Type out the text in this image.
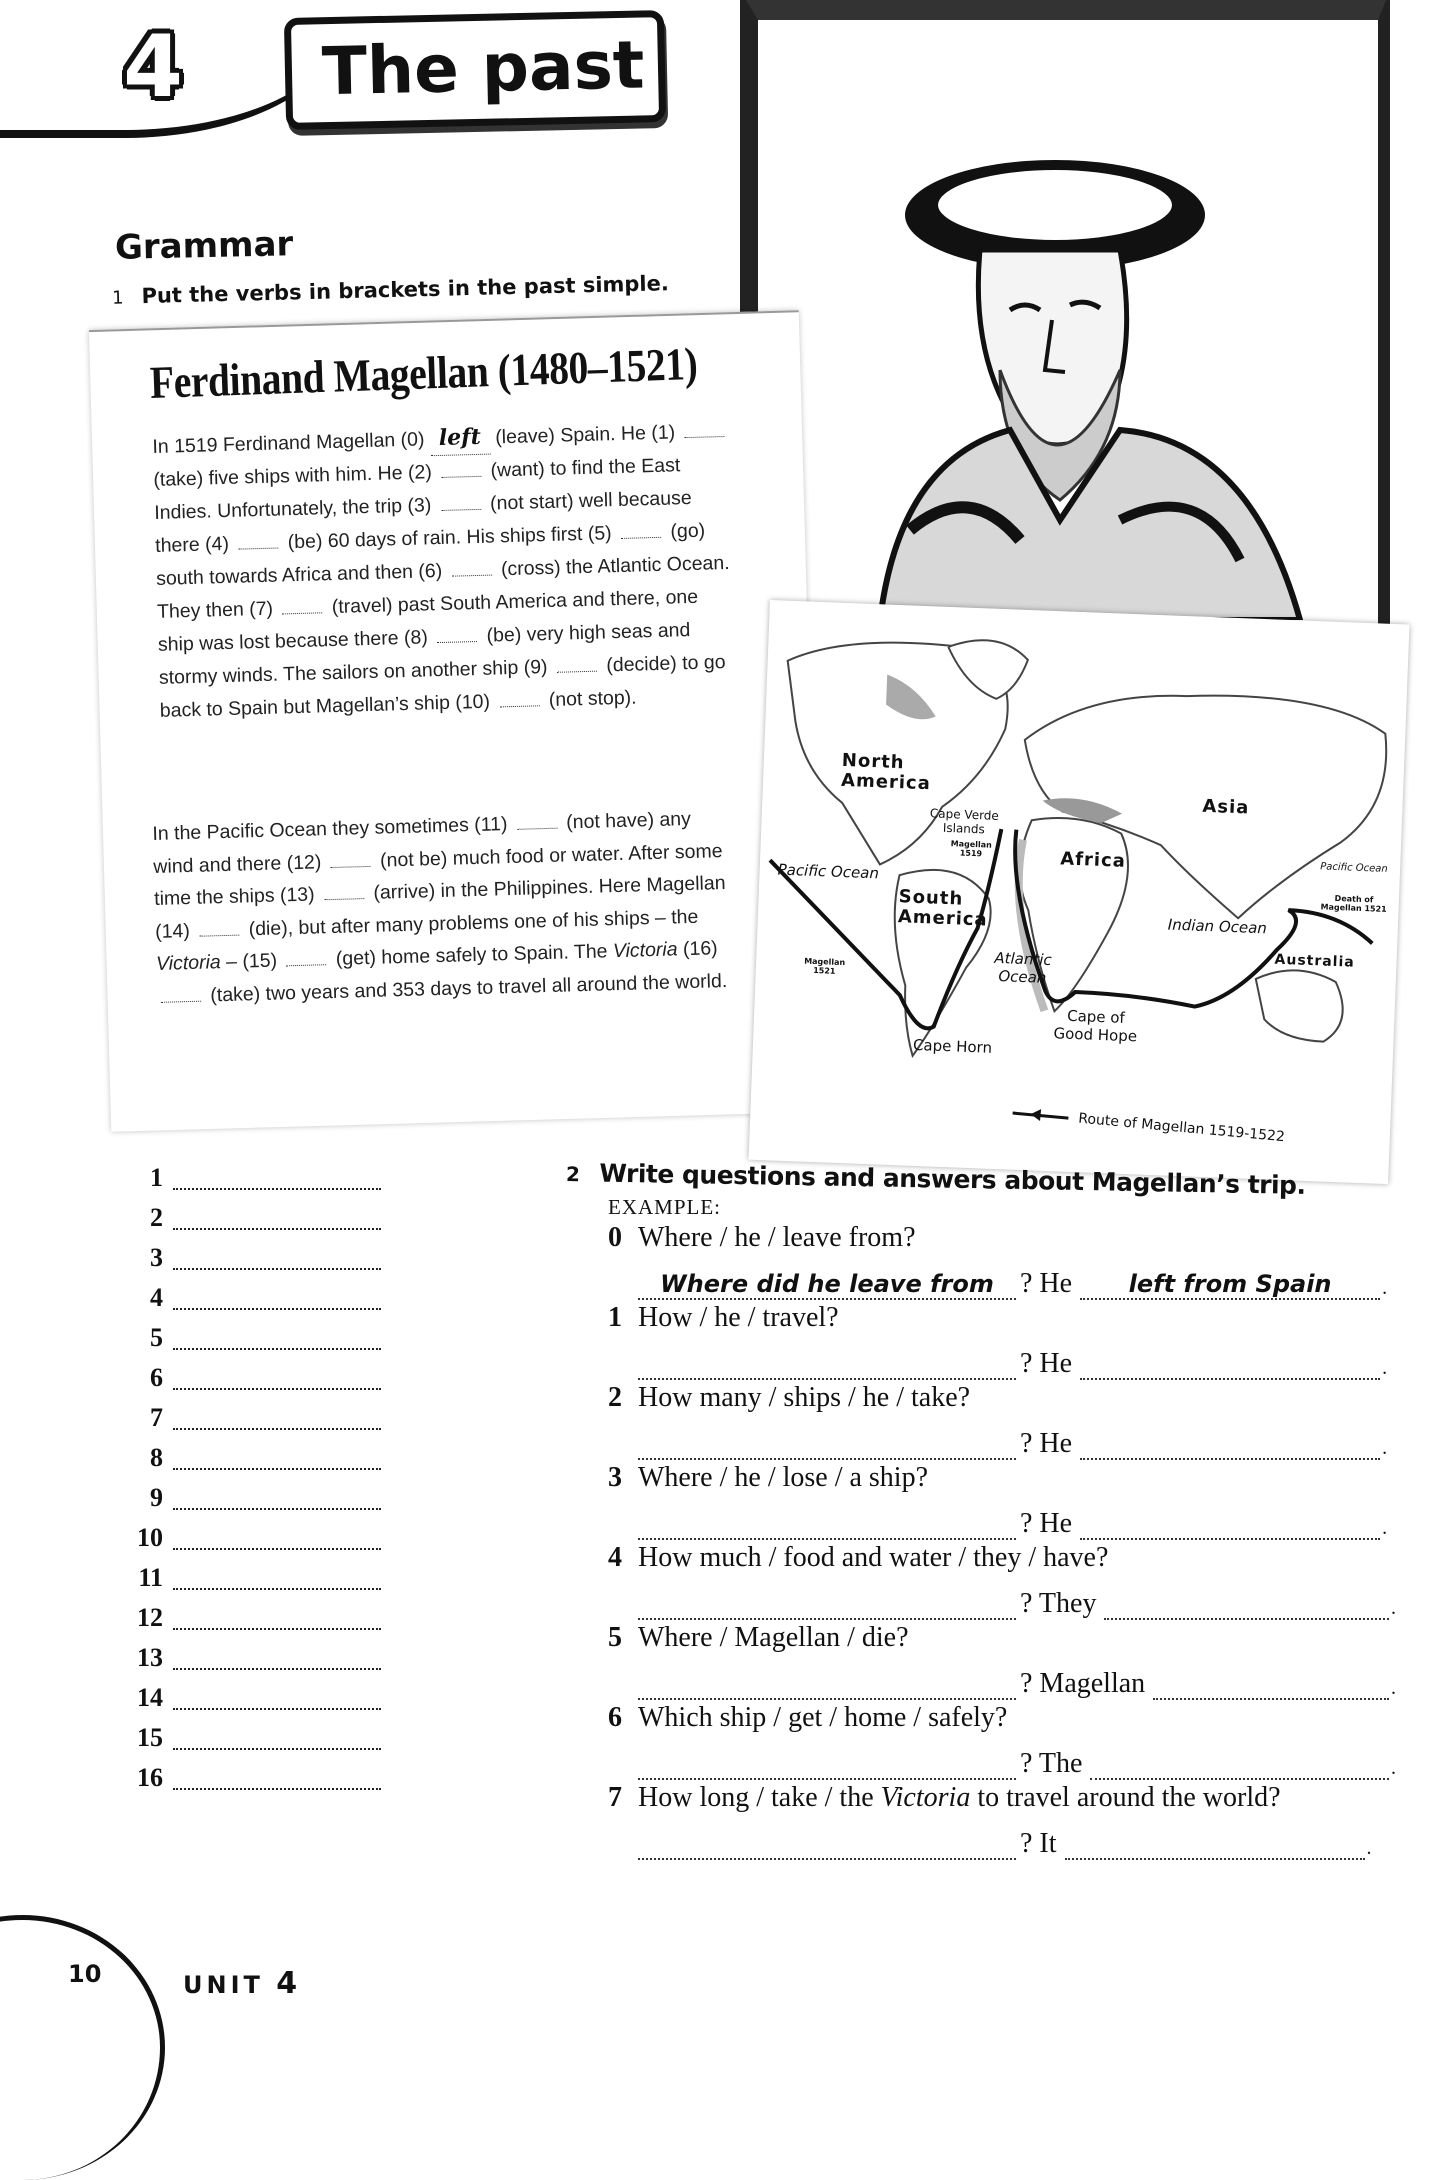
4	The past
Grammar
1 Put the verbs in brackets in the past simple.
Ferdinand Magellan (1480–1521)
In 1519 Ferdinand Magellan (0) left (leave) Spain. He (1)  (take) five ships with him. He (2)  (want) to find the East Indies. Unfortunately, the trip (3)  (not start) well because there (4)  (be) 60 days of rain. His ships first (5)  (go) south towards Africa and then (6)  (cross) the Atlantic Ocean. They then (7)  (travel) past South America and there, one ship was lost because there (8)  (be) very high seas and stormy winds. The sailors on another ship (9)  (decide) to go back to Spain but Magellan’s ship (10)  (not stop).
In the Pacific Ocean they sometimes (11)  (not have) any wind and there (12)  (not be) much food or water. After some time the ships (13)  (arrive) in the Philippines. Here Magellan (14)  (die), but after many problems one of his ships – the Victoria – (15)  (get) home safely to Spain. The Victoria (16)  (take) two years and 353 days to travel all around the world.
North
America
South
America
Africa
Asia
Australia
Pacific Ocean	Pacific Ocean
Atlantic
Ocean
Indian Ocean
Cape Verde
Islands
Magellan
1519
Magellan
1521
Death of
Magellan 1521
Cape Horn
Cape of
Good Hope
Route of Magellan 1519-1522
1
2
3
4
5
6
7
8
9
10
11
12
13
14
15
16
2 Write questions and answers about Magellan’s trip.
EXAMPLE:
0 Where / he / leave from?
Where did he leave from ? He	left from Spain	.
1 How / he / travel?
? He	.
2 How many / ships / he / take?
? He	.
3 Where / he / lose / a ship?
? He	.
4 How much / food and water / they / have?
? They	.
5 Where / Magellan / die?
? Magellan	.
6 Which ship / get / home / safely?
? The	.
7 How long / take / the Victoria to travel around the world?
? It	.
10	UNIT 4
